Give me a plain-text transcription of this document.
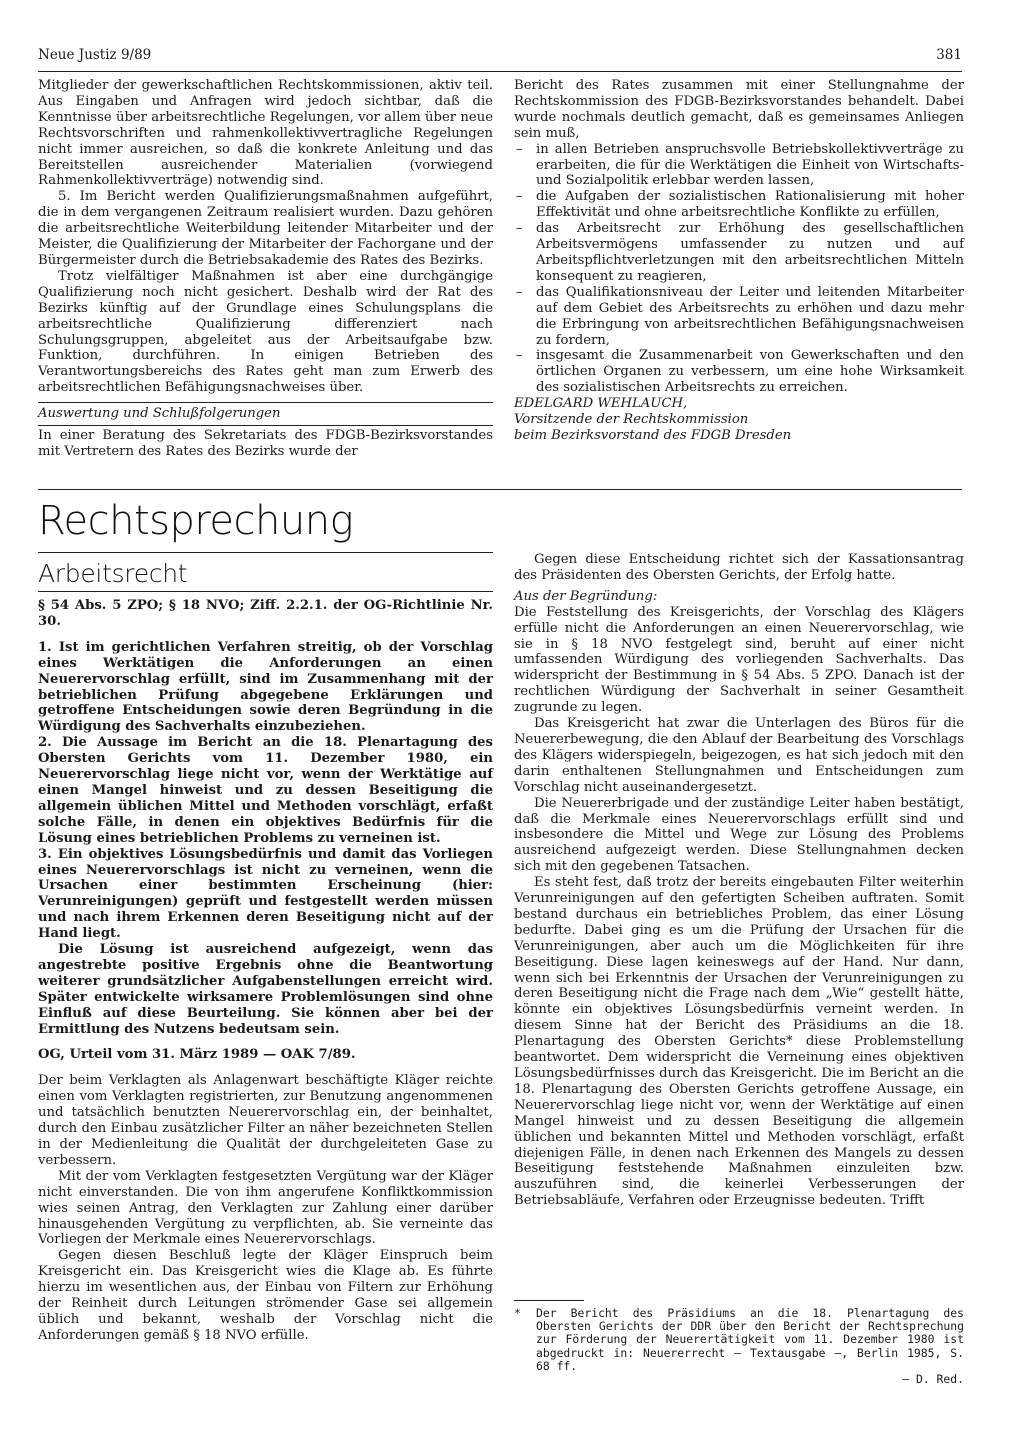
Neue Justiz 9/89	381

Mitglieder der gewerkschaftlichen Rechtskommissionen, aktiv teil. Aus Eingaben und Anfragen wird jedoch sichtbar, daß die Kenntnisse über arbeitsrechtliche Regelungen, vor allem über neue Rechtsvorschriften und rahmenkollektivvertragliche Regelungen nicht immer ausreichen, so daß die konkrete Anleitung und das Bereitstellen ausreichender Materialien (vorwiegend Rahmenkollektivverträge) notwendig sind.

5. Im Bericht werden Qualifizierungsmaßnahmen aufgeführt, die in dem vergangenen Zeitraum realisiert wurden. Dazu gehören die arbeitsrechtliche Weiterbildung leitender Mitarbeiter und der Meister, die Qualifizierung der Mitarbeiter der Fachorgane und der Bürgermeister durch die Betriebsakademie des Rates des Bezirks.

Trotz vielfältiger Maßnahmen ist aber eine durchgängige Qualifizierung noch nicht gesichert. Deshalb wird der Rat des Bezirks künftig auf der Grundlage eines Schulungsplans die arbeitsrechtliche Qualifizierung differenziert nach Schulungsgruppen, abgeleitet aus der Arbeitsaufgabe bzw. Funktion, durchführen. In einigen Betrieben des Verantwortungsbereichs des Rates geht man zum Erwerb des arbeitsrechtlichen Befähigungsnachweises über.

Auswertung und Schlußfolgerungen

In einer Beratung des Sekretariats des FDGB-Bezirksvorstandes mit Vertretern des Rates des Bezirks wurde der

Bericht des Rates zusammen mit einer Stellungnahme der Rechtskommission des FDGB-Bezirksvorstandes behandelt. Dabei wurde nochmals deutlich gemacht, daß es gemeinsames Anliegen sein muß,

– in allen Betrieben anspruchsvolle Betriebskollektivverträge zu erarbeiten, die für die Werktätigen die Einheit von Wirtschafts- und Sozialpolitik erlebbar werden lassen,
– die Aufgaben der sozialistischen Rationalisierung mit hoher Effektivität und ohne arbeitsrechtliche Konflikte zu erfüllen,
– das Arbeitsrecht zur Erhöhung des gesellschaftlichen Arbeitsvermögens umfassender zu nutzen und auf Arbeitspflichtverletzungen mit den arbeitsrechtlichen Mitteln konsequent zu reagieren,
– das Qualifikationsniveau der Leiter und leitenden Mitarbeiter auf dem Gebiet des Arbeitsrechts zu erhöhen und dazu mehr die Erbringung von arbeitsrechtlichen Befähigungsnachweisen zu fordern,
– insgesamt die Zusammenarbeit von Gewerkschaften und den örtlichen Organen zu verbessern, um eine hohe Wirksamkeit des sozialistischen Arbeitsrechts zu erreichen.

EDELGARD WEHLAUCH,

Vorsitzende der Rechtskommission

beim Bezirksvorstand des FDGB Dresden

Rechtsprechung
Arbeitsrecht

§ 54 Abs. 5 ZPO; § 18 NVO; Ziff. 2.2.1. der OG-Richtlinie Nr. 30.

1. Ist im gerichtlichen Verfahren streitig, ob der Vorschlag eines Werktätigen die Anforderungen an einen Neuerervorschlag erfüllt, sind im Zusammenhang mit der betrieblichen Prüfung abgegebene Erklärungen und getroffene Entscheidungen sowie deren Begründung in die Würdigung des Sachverhalts einzubeziehen.

2. Die Aussage im Bericht an die 18. Plenartagung des Obersten Gerichts vom 11. Dezember 1980, ein Neuerervorschlag liege nicht vor, wenn der Werktätige auf einen Mangel hinweist und zu dessen Beseitigung die allgemein üblichen Mittel und Methoden vorschlägt, erfaßt solche Fälle, in denen ein objektives Bedürfnis für die Lösung eines betrieblichen Problems zu verneinen ist.

3. Ein objektives Lösungsbedürfnis und damit das Vorliegen eines Neuerervorschlags ist nicht zu verneinen, wenn die Ursachen einer bestimmten Erscheinung (hier: Verunreinigungen) geprüft und festgestellt werden müssen und nach ihrem Erkennen deren Beseitigung nicht auf der Hand liegt.

Die Lösung ist ausreichend aufgezeigt, wenn das angestrebte positive Ergebnis ohne die Beantwortung weiterer grundsätzlicher Aufgabenstellungen erreicht wird. Später entwickelte wirksamere Problemlösungen sind ohne Einfluß auf diese Beurteilung. Sie können aber bei der Ermittlung des Nutzens bedeutsam sein.

OG, Urteil vom 31. März 1989 — OAK 7/89.

Der beim Verklagten als Anlagenwart beschäftigte Kläger reichte einen vom Verklagten registrierten, zur Benutzung angenommenen und tatsächlich benutzten Neuerervorschlag ein, der beinhaltet, durch den Einbau zusätzlicher Filter an näher bezeichneten Stellen in der Medienleitung die Qualität der durchgeleiteten Gase zu verbessern.

Mit der vom Verklagten festgesetzten Vergütung war der Kläger nicht einverstanden. Die von ihm angerufene Konfliktkommission wies seinen Antrag, den Verklagten zur Zahlung einer darüber hinausgehenden Vergütung zu verpflichten, ab. Sie verneinte das Vorliegen der Merkmale eines Neuerervorschlags.

Gegen diesen Beschluß legte der Kläger Einspruch beim Kreisgericht ein. Das Kreisgericht wies die Klage ab. Es führte hierzu im wesentlichen aus, der Einbau von Filtern zur Erhöhung der Reinheit durch Leitungen strömender Gase sei allgemein üblich und bekannt, weshalb der Vorschlag nicht die Anforderungen gemäß § 18 NVO erfülle.

Gegen diese Entscheidung richtet sich der Kassationsantrag des Präsidenten des Obersten Gerichts, der Erfolg hatte.

Aus der Begründung:

Die Feststellung des Kreisgerichts, der Vorschlag des Klägers erfülle nicht die Anforderungen an einen Neuerervorschlag, wie sie in § 18 NVO festgelegt sind, beruht auf einer nicht umfassenden Würdigung des vorliegenden Sachverhalts. Das widerspricht der Bestimmung in § 54 Abs. 5 ZPO. Danach ist der rechtlichen Würdigung der Sachverhalt in seiner Gesamtheit zugrunde zu legen.

Das Kreisgericht hat zwar die Unterlagen des Büros für die Neuererbewegung, die den Ablauf der Bearbeitung des Vorschlags des Klägers widerspiegeln, beigezogen, es hat sich jedoch mit den darin enthaltenen Stellungnahmen und Entscheidungen zum Vorschlag nicht auseinandergesetzt.

Die Neuererbrigade und der zuständige Leiter haben bestätigt, daß die Merkmale eines Neuerervorschlags erfüllt sind und insbesondere die Mittel und Wege zur Lösung des Problems ausreichend aufgezeigt werden. Diese Stellungnahmen decken sich mit den gegebenen Tatsachen.

Es steht fest, daß trotz der bereits eingebauten Filter weiterhin Verunreinigungen auf den gefertigten Scheiben auftraten. Somit bestand durchaus ein betriebliches Problem, das einer Lösung bedurfte. Dabei ging es um die Prüfung der Ursachen für die Verunreinigungen, aber auch um die Möglichkeiten für ihre Beseitigung. Diese lagen keineswegs auf der Hand. Nur dann, wenn sich bei Erkenntnis der Ursachen der Verunreinigungen zu deren Beseitigung nicht die Frage nach dem „Wie“ gestellt hätte, könnte ein objektives Lösungsbedürfnis verneint werden. In diesem Sinne hat der Bericht des Präsidiums an die 18. Plenartagung des Obersten Gerichts* diese Problemstellung beantwortet. Dem widerspricht die Verneinung eines objektiven Lösungsbedürfnisses durch das Kreisgericht. Die im Bericht an die 18. Plenartagung des Obersten Gerichts getroffene Aussage, ein Neuerervorschlag liege nicht vor, wenn der Werktätige auf einen Mangel hinweist und zu dessen Beseitigung die allgemein üblichen und bekannten Mittel und Methoden vorschlägt, erfaßt diejenigen Fälle, in denen nach Erkennen des Mangels zu dessen Beseitigung feststehende Maßnahmen einzuleiten bzw. auszuführen sind, die keinerlei Verbesserungen der Betriebsabläufe, Verfahren oder Erzeugnisse bedeuten. Trifft

*	Der Bericht des Präsidiums an die 18. Plenartagung des Obersten Gerichts der DDR über den Bericht der Rechtsprechung zur Förderung der Neuerertätigkeit vom 11. Dezember 1980 ist abgedruckt in: Neuererrecht — Textausgabe —, Berlin 1985, S. 68 ff.
— D. Red.
